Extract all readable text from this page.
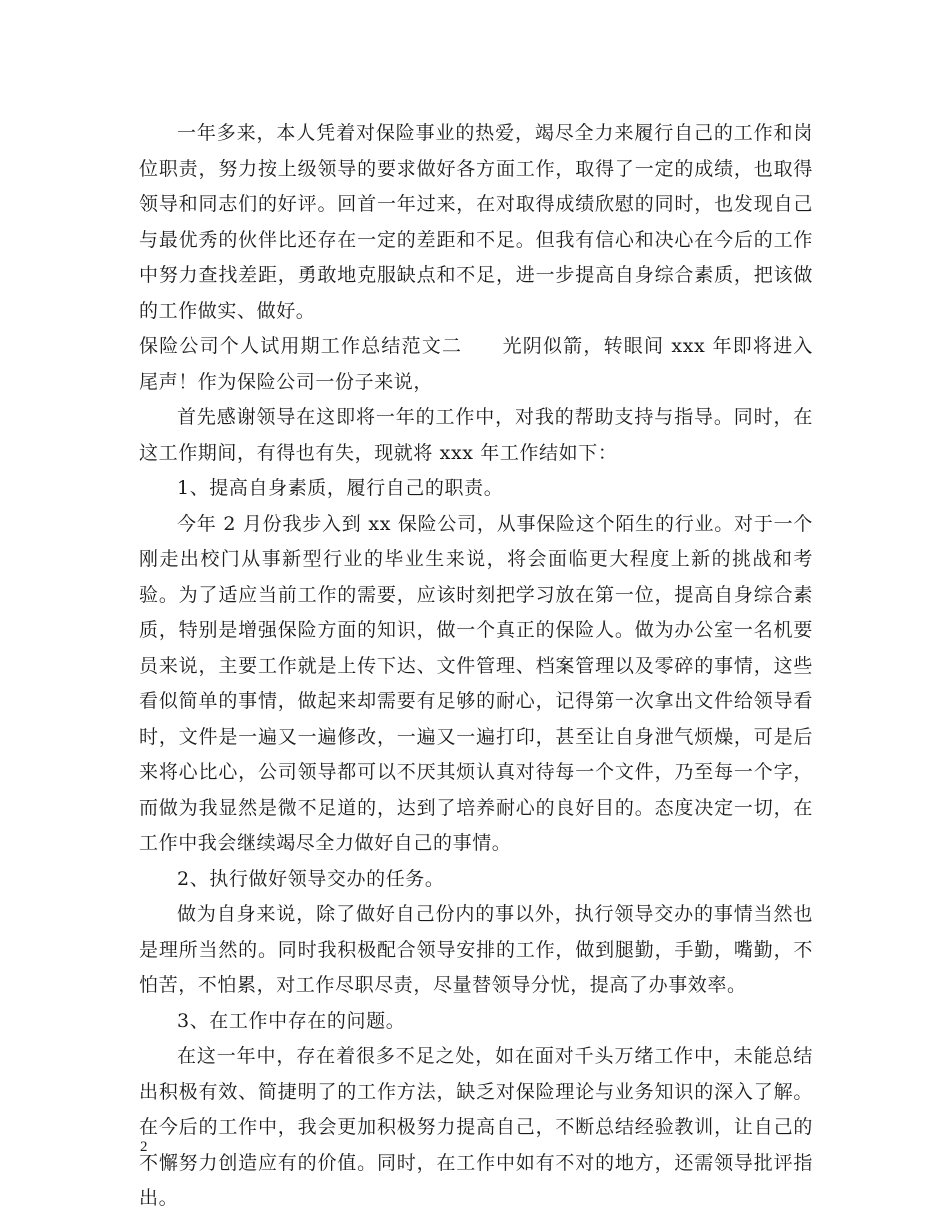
一年多来，本人凭着对保险事业的热爱，竭尽全力来履行自己的工作和岗位职责，努力按上级领导的要求做好各方面工作，取得了一定的成绩，也取得领导和同志们的好评。回首一年过来，在对取得成绩欣慰的同时，也发现自己与最优秀的伙伴比还存在一定的差距和不足。但我有信心和决心在今后的工作中努力查找差距，勇敢地克服缺点和不足，进一步提高自身综合素质，把该做的工作做实、做好。

保险公司个人试用期工作总结范文二　　光阴似箭，转眼间 xxx 年即将进入尾声！作为保险公司一份子来说，

首先感谢领导在这即将一年的工作中，对我的帮助支持与指导。同时，在这工作期间，有得也有失，现就将 xxx 年工作结如下：

1、提高自身素质，履行自己的职责。

今年 2 月份我步入到 xx 保险公司，从事保险这个陌生的行业。对于一个刚走出校门从事新型行业的毕业生来说，将会面临更大程度上新的挑战和考验。为了适应当前工作的需要，应该时刻把学习放在第一位，提高自身综合素质，特别是增强保险方面的知识，做一个真正的保险人。做为办公室一名机要员来说，主要工作就是上传下达、文件管理、档案管理以及零碎的事情，这些看似简单的事情，做起来却需要有足够的耐心，记得第一次拿出文件给领导看时，文件是一遍又一遍修改，一遍又一遍打印，甚至让自身泄气烦燥，可是后来将心比心，公司领导都可以不厌其烦认真对待每一个文件，乃至每一个字，而做为我显然是微不足道的，达到了培养耐心的良好目的。态度决定一切，在工作中我会继续竭尽全力做好自己的事情。

2、执行做好领导交办的任务。

做为自身来说，除了做好自己份内的事以外，执行领导交办的事情当然也是理所当然的。同时我积极配合领导安排的工作，做到腿勤，手勤，嘴勤，不怕苦，不怕累，对工作尽职尽责，尽量替领导分忧，提高了办事效率。

3、在工作中存在的问题。

在这一年中，存在着很多不足之处，如在面对千头万绪工作中，未能总结出积极有效、简捷明了的工作方法，缺乏对保险理论与业务知识的深入了解。在今后的工作中，我会更加积极努力提高自己，不断总结经验教训，让自己的不懈努力创造应有的价值。同时，在工作中如有不对的地方，还需领导批评指出。

2
